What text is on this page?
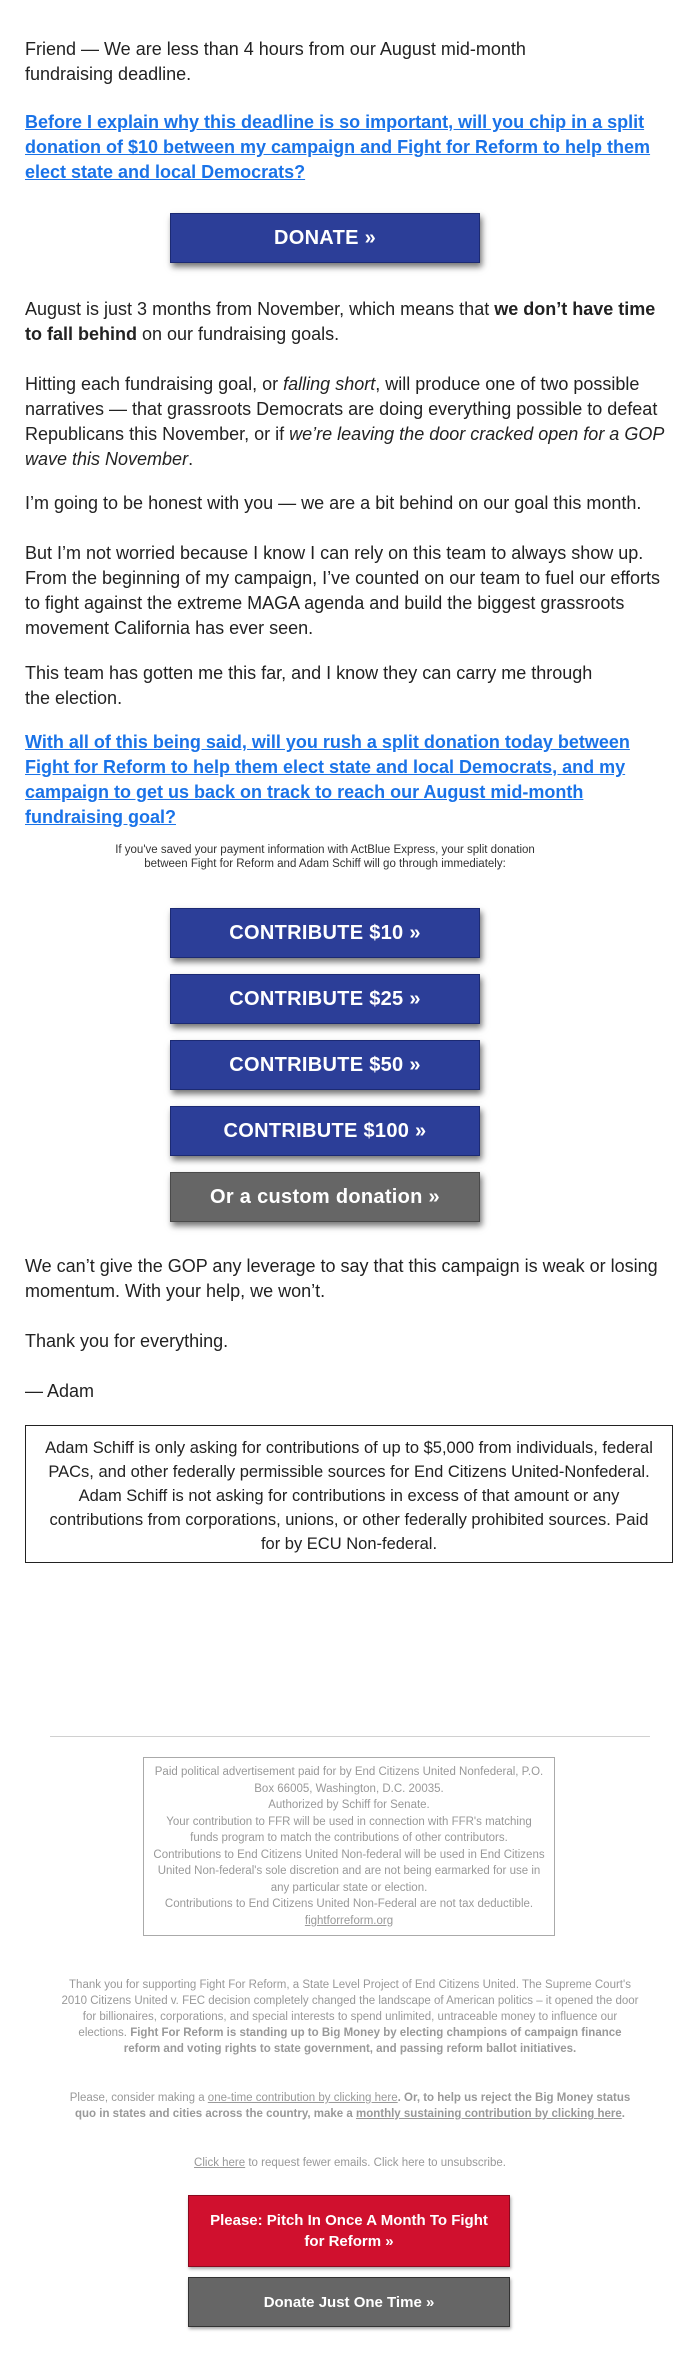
Friend — We are less than 4 hours from our August mid-month
fundraising deadline.
Before I explain why this deadline is so important, will you chip in a split donation of $10 between my campaign and Fight for Reform to help them elect state and local Democrats?
August is just 3 months from November, which means that we don’t have time to fall behind on our fundraising goals.
Hitting each fundraising goal, or falling short, will produce one of two possible narratives — that grassroots Democrats are doing everything possible to defeat Republicans this November, or if we’re leaving the door cracked open for a GOP wave this November.
I’m going to be honest with you — we are a bit behind on our goal this month.
But I’m not worried because I know I can rely on this team to always show up. From the beginning of my campaign, I’ve counted on our team to fuel our efforts to fight against the extreme MAGA agenda and build the biggest grassroots movement California has ever seen.
This team has gotten me this far, and I know they can carry me through
the election.
With all of this being said, will you rush a split donation today between Fight for Reform to help them elect state and local Democrats, and my campaign to get us back on track to reach our August mid-month fundraising goal?
We can’t give the GOP any leverage to say that this campaign is weak or losing momentum. With your help, we won’t.
Thank you for everything.
— Adam
DONATE »
If you've saved your payment information with ActBlue Express, your split donation between Fight for Reform and Adam Schiff will go through immediately:
CONTRIBUTE $10 »
CONTRIBUTE $25 »
CONTRIBUTE $50 »
CONTRIBUTE $100 »
Or a custom donation »
Adam Schiff is only asking for contributions of up to $5,000 from individuals, federal PACs, and other federally permissible sources for End Citizens United-Nonfederal. Adam Schiff is not asking for contributions in excess of that amount or any contributions from corporations, unions, or other federally prohibited sources. Paid for by ECU Non-federal.
Paid political advertisement paid for by End Citizens United Nonfederal, P.O. Box 66005, Washington, D.C. 20035.
Authorized by Schiff for Senate.
Your contribution to FFR will be used in connection with FFR's matching funds program to match the contributions of other contributors.
Contributions to End Citizens United Non-federal will be used in End Citizens United Non-federal's sole discretion and are not being earmarked for use in any particular state or election.
Contributions to End Citizens United Non-Federal are not tax deductible.
fightforreform.org
Thank you for supporting Fight For Reform, a State Level Project of End Citizens United. The Supreme Court's 2010 Citizens United v. FEC decision completely changed the landscape of American politics – it opened the door for billionaires, corporations, and special interests to spend unlimited, untraceable money to influence our elections. Fight For Reform is standing up to Big Money by electing champions of campaign finance reform and voting rights to state government, and passing reform ballot initiatives.
Please, consider making a one-time contribution by clicking here. Or, to help us reject the Big Money status quo in states and cities across the country, make a monthly sustaining contribution by clicking here.
Click here to request fewer emails. Click here to unsubscribe.
Please: Pitch In Once A Month To Fight for Reform »
Donate Just One Time »
